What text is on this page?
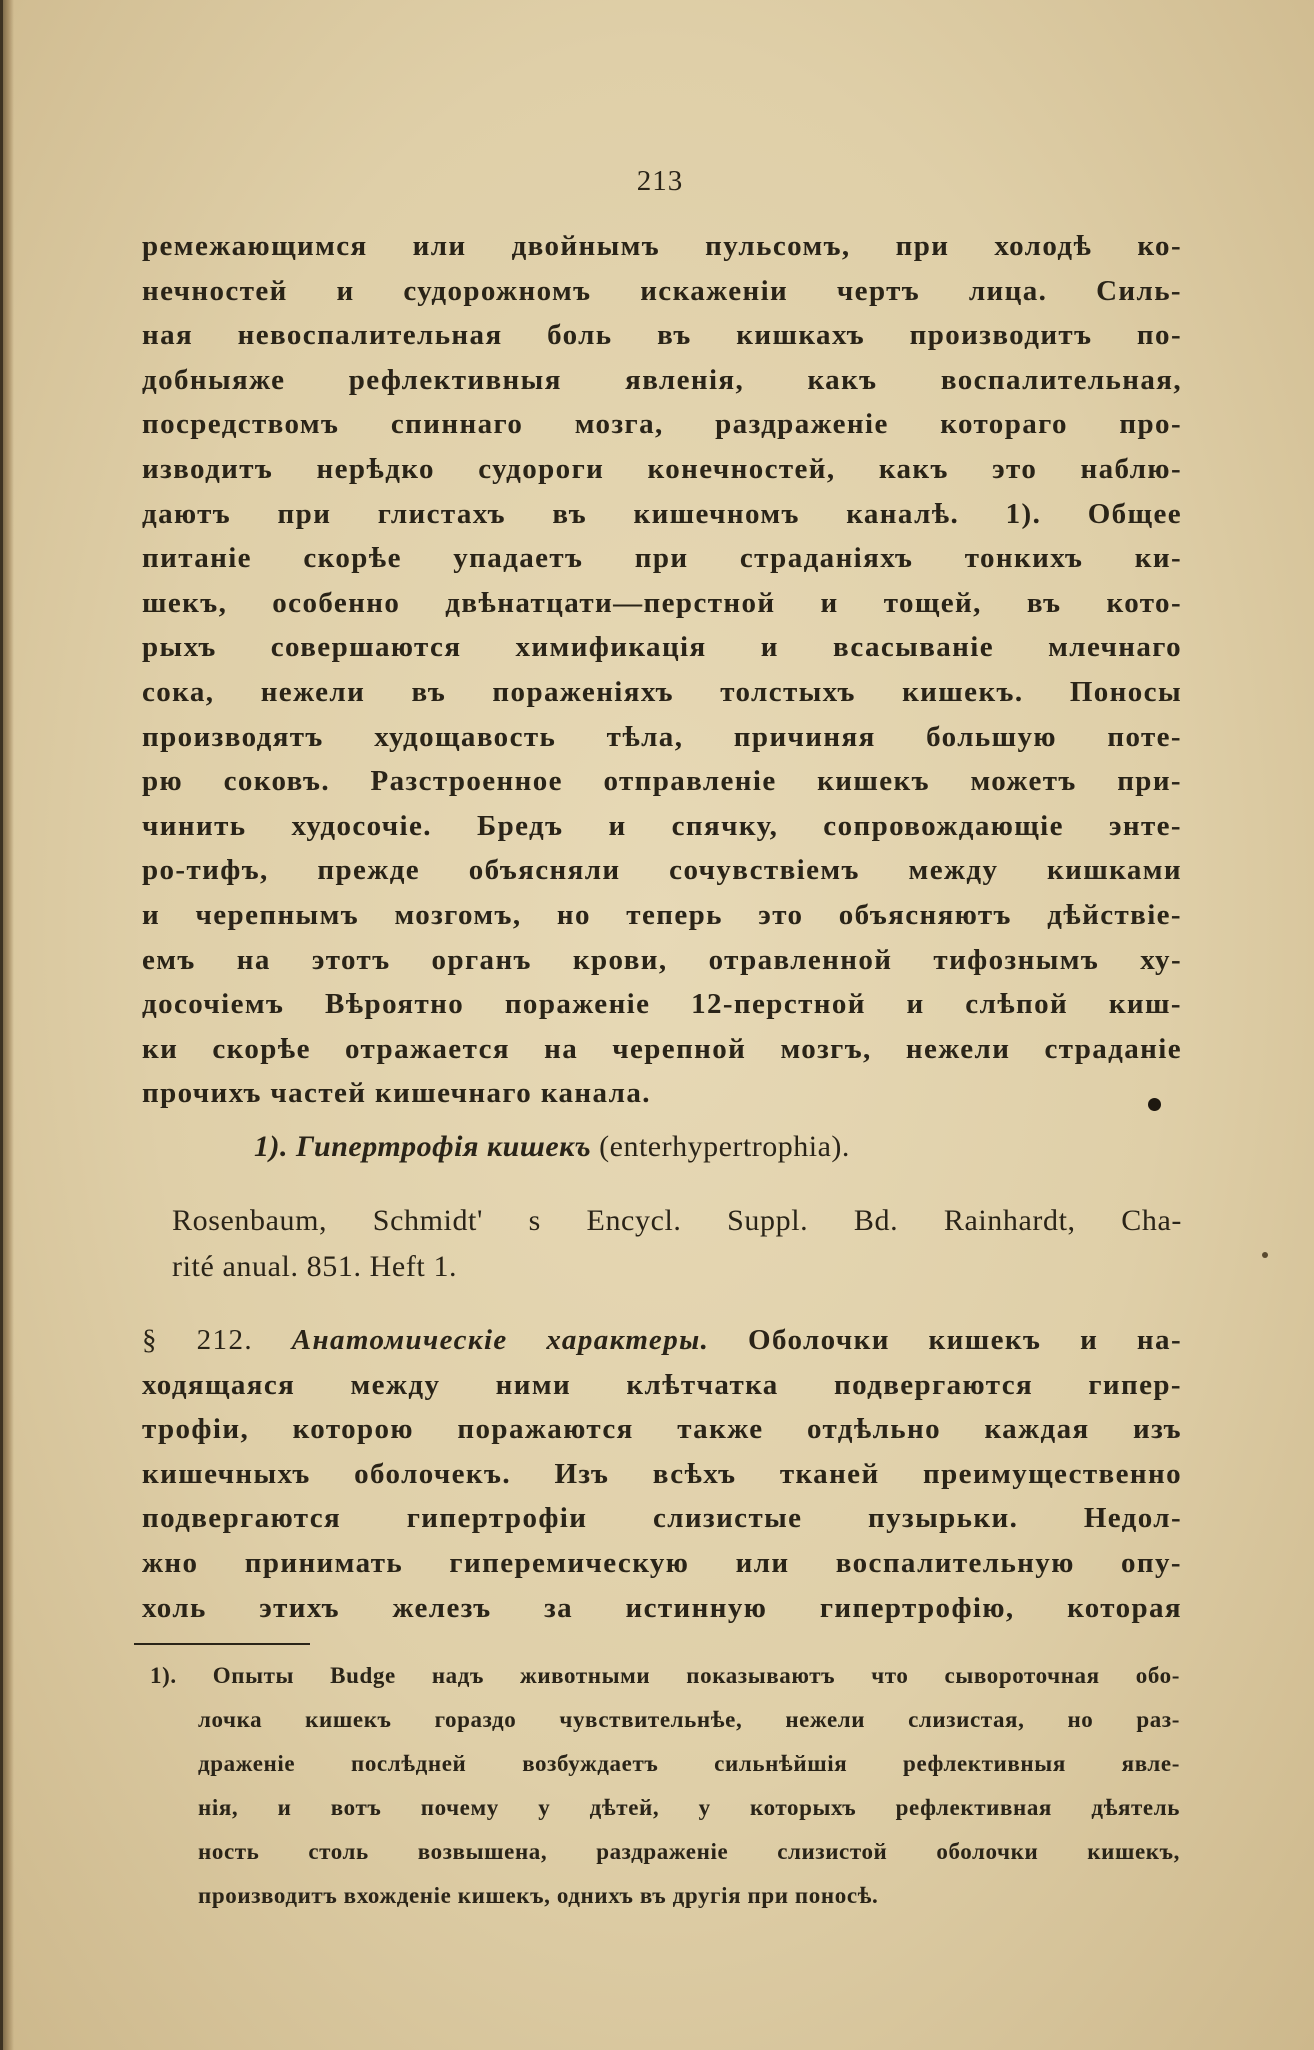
213
ремежающимся или двойнымъ пульсомъ, при холодѣ ко-
нечностей и судорожномъ искаженіи чертъ лица. Силь-
ная невоспалительная боль въ кишкахъ производитъ по-
добныяже рефлективныя явленія, какъ воспалительная,
посредствомъ спиннаго мозга, раздраженіе котораго про-
изводитъ нерѣдко судороги конечностей, какъ это наблю-
даютъ при глистахъ въ кишечномъ каналѣ. 1). Общее
питаніе скорѣе упадаетъ при страданіяхъ тонкихъ ки-
шекъ, особенно двѣнатцати—перстной и тощей, въ кото-
рыхъ совершаются химификація и всасываніе млечнаго
сока, нежели въ пораженіяхъ толстыхъ кишекъ. Поносы
производятъ худощавость тѣла, причиняя большую поте-
рю соковъ. Разстроенное отправленіе кишекъ можетъ при-
чинить худосочіе. Бредъ и спячку, сопровождающіе энте-
ро-тифъ, прежде объясняли сочувствіемъ между кишками
и черепнымъ мозгомъ, но теперь это объясняютъ дѣйствіе-
емъ на этотъ органъ крови, отравленной тифознымъ ху-
досочіемъ Вѣроятно пораженіе 12-перстной и слѣпой киш-
ки скорѣе отражается на черепной мозгъ, нежели страданіе
прочихъ частей кишечнаго канала.
1). Гипертрофія кишекъ (enterhypertrophia).
Rosenbaum, Schmidt' s Encycl. Suppl. Bd. Rainhardt, Cha-
rité anual. 851. Heft 1.
§ 212. Анатомическіе характеры. Оболочки кишекъ и на-
ходящаяся между ними клѣтчатка подвергаются гипер-
трофіи, которою поражаются также отдѣльно каждая изъ
кишечныхъ оболочекъ. Изъ всѣхъ тканей преимущественно
подвергаются гипертрофіи слизистые пузырьки. Недол-
жно принимать гиперемическую или воспалительную опу-
холь этихъ железъ за истинную гипертрофію, которая
1). Опыты Budge надъ животными показываютъ что сывороточная обо-
лочка кишекъ гораздо чувствительнѣе, нежели слизистая, но раз-
драженіе послѣдней возбуждаетъ сильнѣйшія рефлективныя явле-
нія, и вотъ почему у дѣтей, у которыхъ рефлективная дѣятель
ность столь возвышена, раздраженіе слизистой оболочки кишекъ,
производитъ вхожденіе кишекъ, однихъ въ другія при поносѣ.
